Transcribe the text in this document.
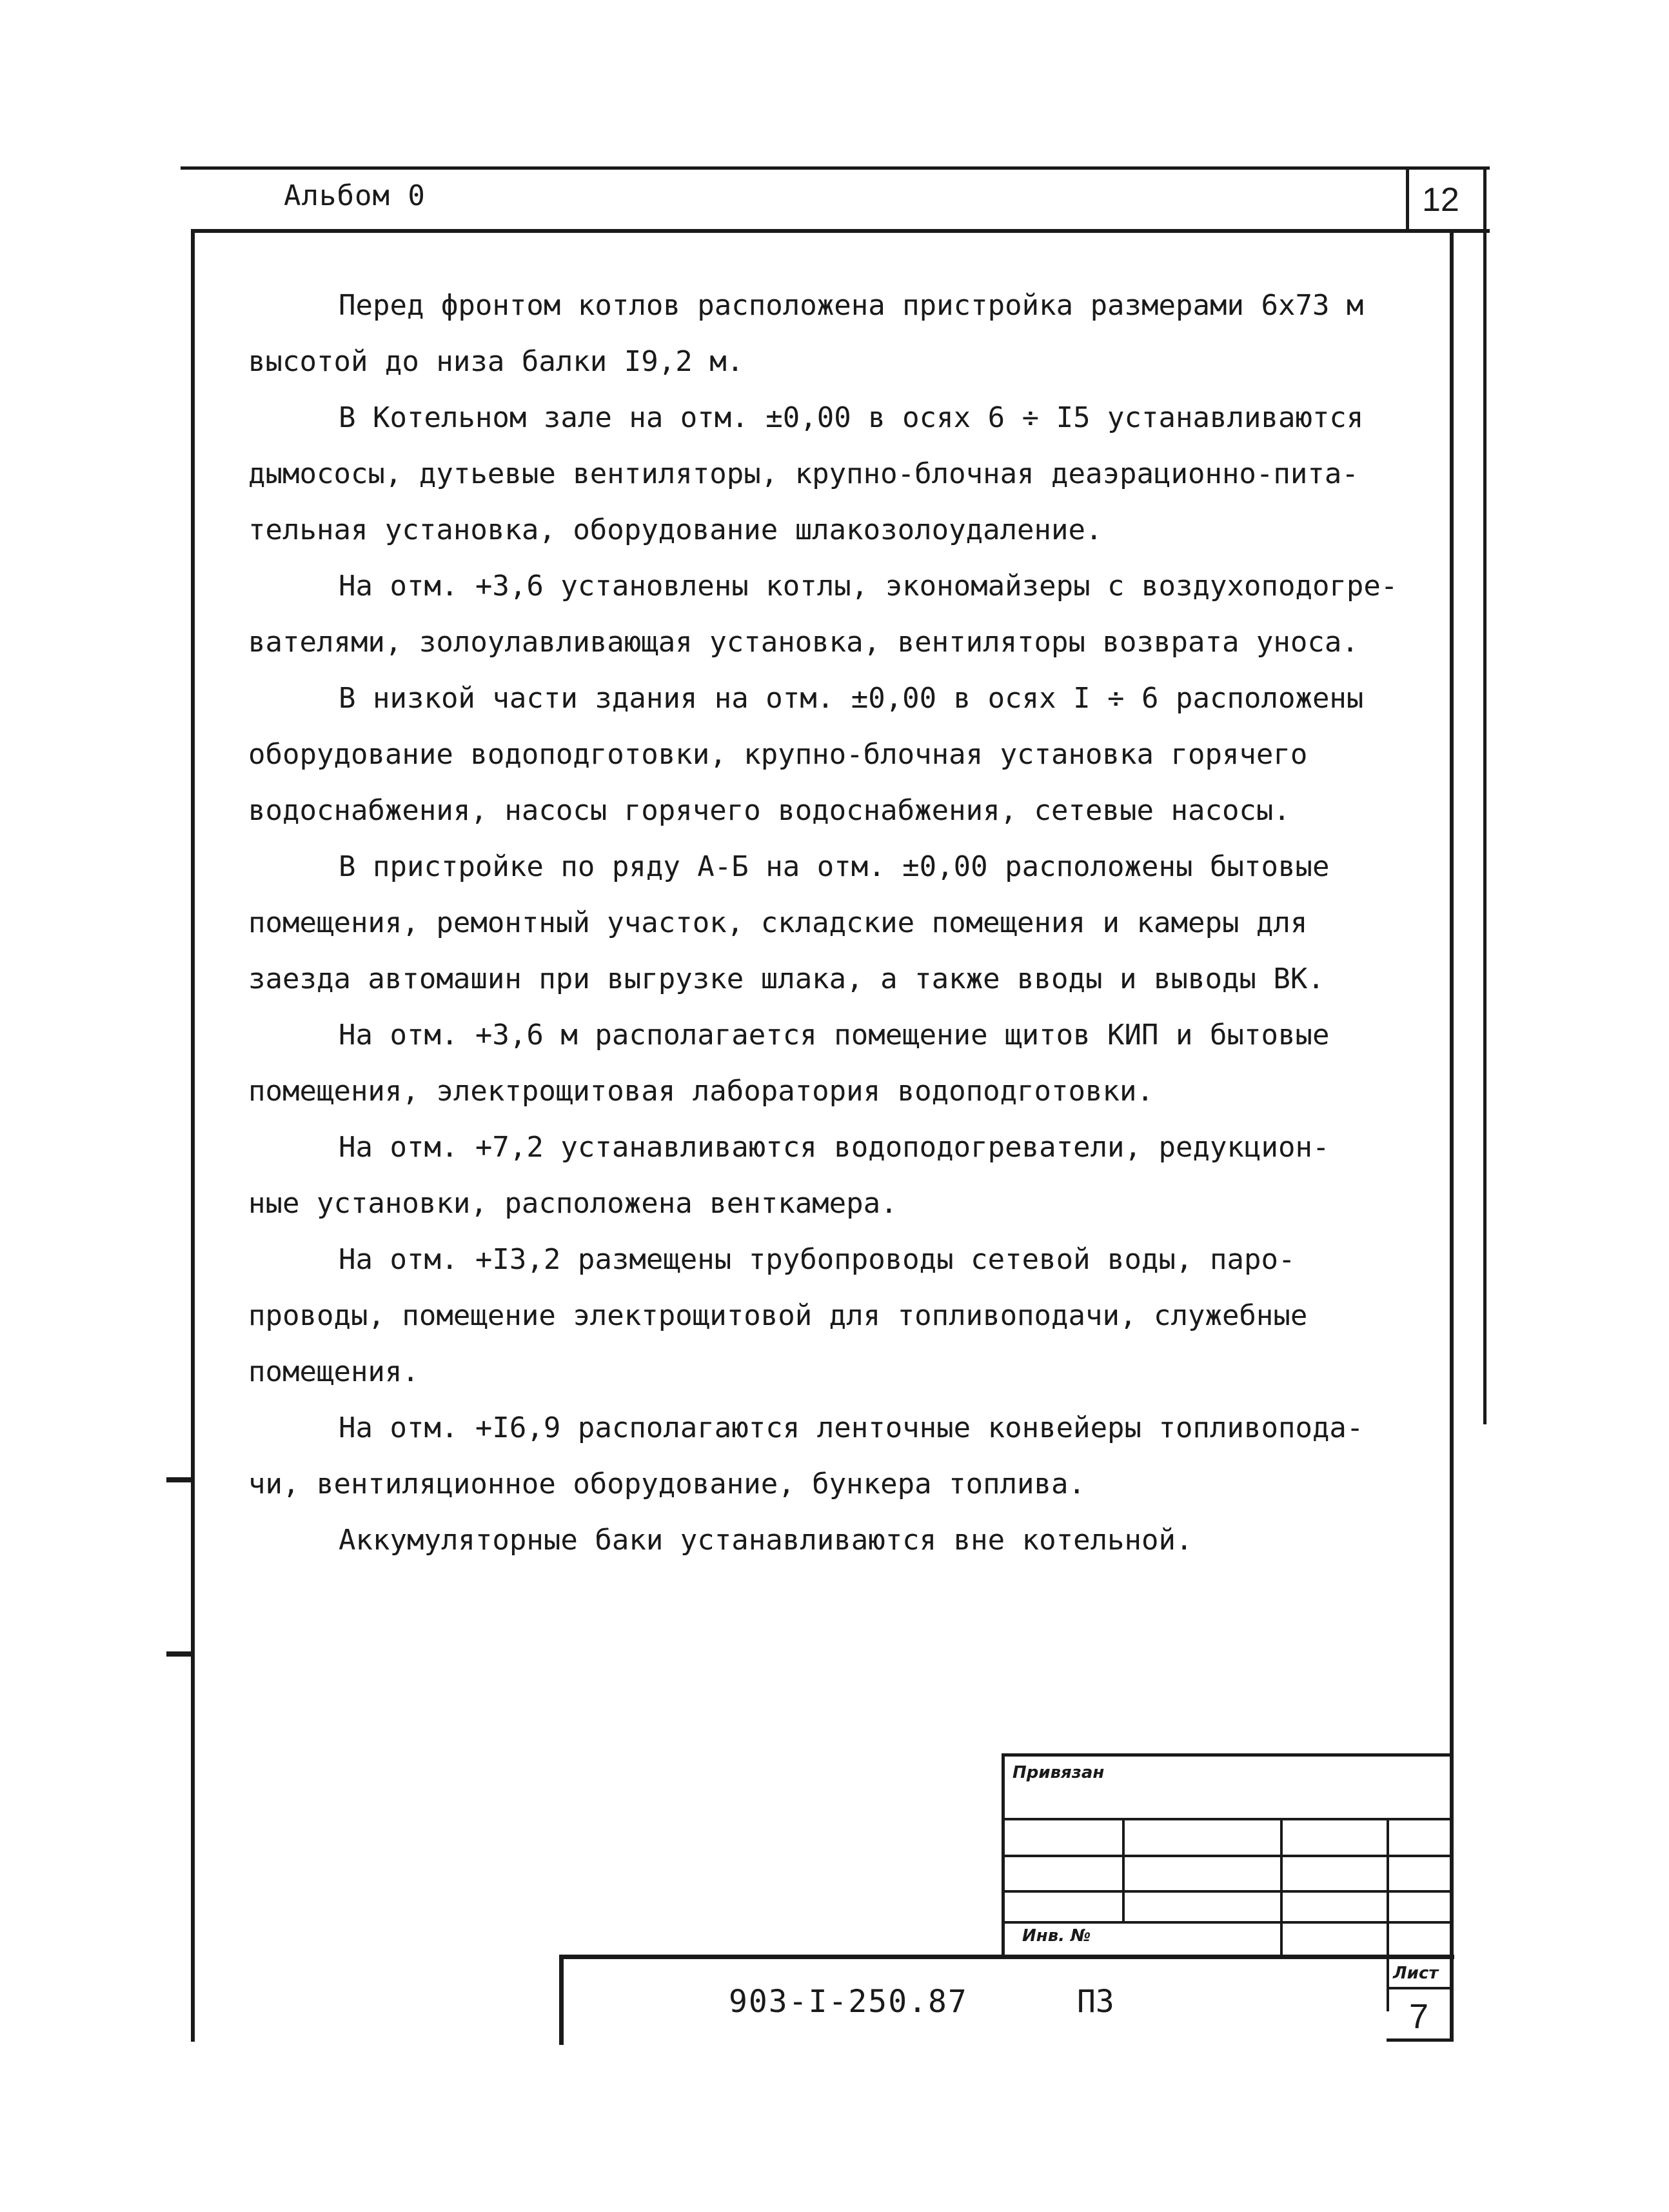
Альбом 0	12
Перед фронтом котлов расположена пристройка размерами 6х73 м
высотой до низа балки I9,2 м.
В Котельном зале на отм. ±0,00 в осях 6 ÷ I5 устанавливаются
дымососы, дутьевые вентиляторы, крупно-блочная деаэрационно-пита-
тельная установка, оборудование шлакозолоудаление.
На отм. +3,6 установлены котлы, экономайзеры с воздухоподогре-
вателями, золоулавливающая установка, вентиляторы возврата уноса.
В низкой части здания на отм. ±0,00 в осях I ÷ 6 расположены
оборудование водоподготовки, крупно-блочная установка горячего
водоснабжения, насосы горячего водоснабжения, сетевые насосы.
В пристройке по ряду А-Б на отм. ±0,00 расположены бытовые
помещения, ремонтный участок, складские помещения и камеры для
заезда автомашин при выгрузке шлака, а также вводы и выводы ВК.
На отм. +3,6 м располагается помещение щитов КИП и бытовые
помещения, электрощитовая лаборатория водоподготовки.
На отм. +7,2 устанавливаются водоподогреватели, редукцион-
ные установки, расположена венткамера.
На отм. +I3,2 размещены трубопроводы сетевой воды, паро-
проводы, помещение электрощитовой для топливоподачи, служебные
помещения.
На отм. +I6,9 располагаются ленточные конвейеры топливопода-
чи, вентиляционное оборудование, бункера топлива.
Аккумуляторные баки устанавливаются вне котельной.
Привязан
Инв. №
903-I-250.87	ПЗ
Лист
7
